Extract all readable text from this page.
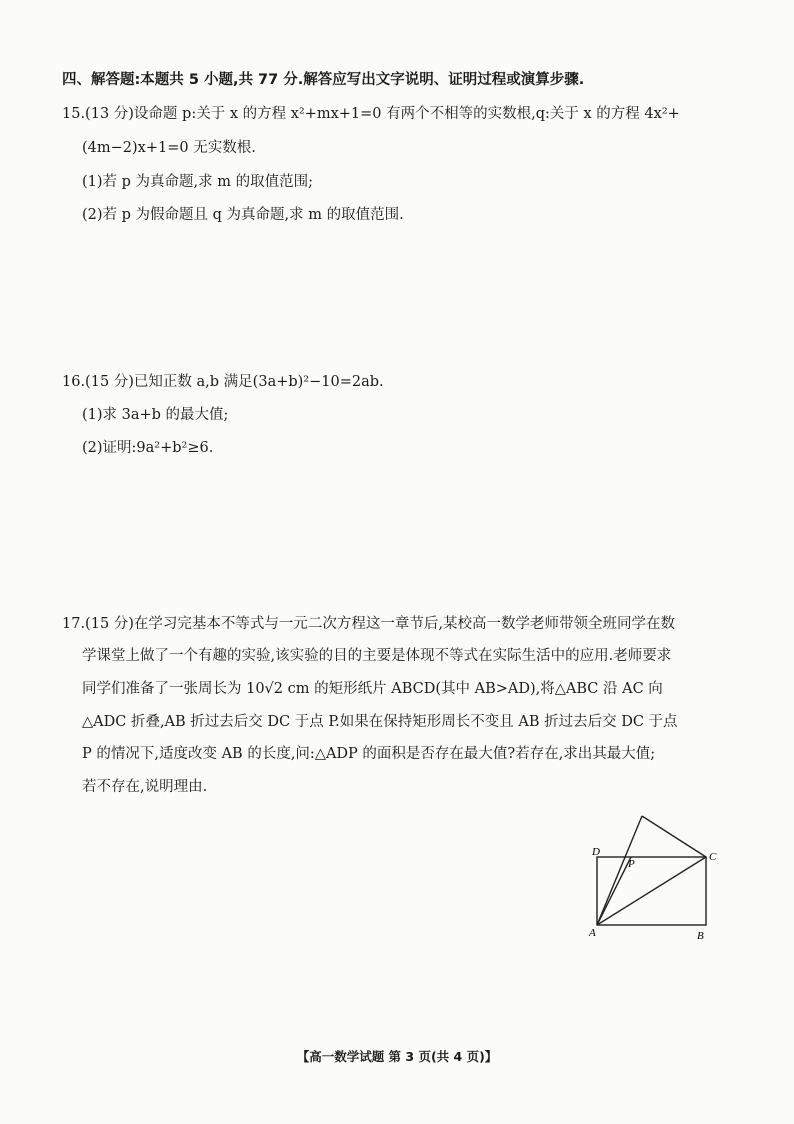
四、解答题:本题共 5 小题,共 77 分.解答应写出文字说明、证明过程或演算步骤.
15.(13 分)设命题 p:关于 x 的方程 x²+mx+1=0 有两个不相等的实数根,q:关于 x 的方程 4x²+
(4m−2)x+1=0 无实数根.
(1)若 p 为真命题,求 m 的取值范围;
(2)若 p 为假命题且 q 为真命题,求 m 的取值范围.
16.(15 分)已知正数 a,b 满足(3a+b)²−10=2ab.
(1)求 3a+b 的最大值;
(2)证明:9a²+b²≥6.
17.(15 分)在学习完基本不等式与一元二次方程这一章节后,某校高一数学老师带领全班同学在数
学课堂上做了一个有趣的实验,该实验的目的主要是体现不等式在实际生活中的应用.老师要求
同学们准备了一张周长为 10√2 cm 的矩形纸片 ABCD(其中 AB>AD),将△ABC 沿 AC 向
△ADC 折叠,AB 折过去后交 DC 于点 P.如果在保持矩形周长不变且 AB 折过去后交 DC 于点
P 的情况下,适度改变 AB 的长度,问:△ADP 的面积是否存在最大值?若存在,求出其最大值;
若不存在,说明理由.
D
P
C
A	B
【高一数学试题 第 3 页(共 4 页)】
